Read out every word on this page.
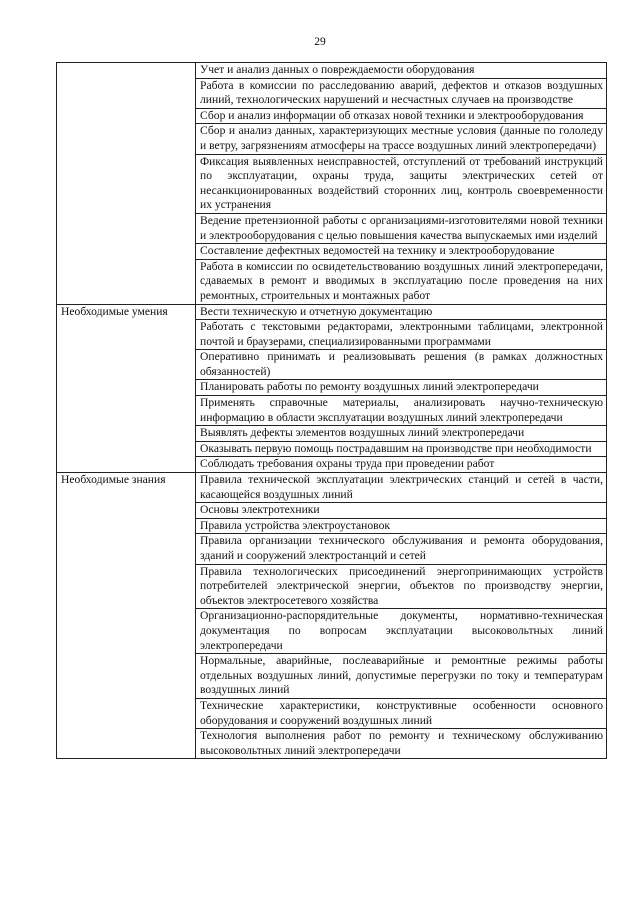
29
	Учет и анализ данных о повреждаемости оборудования
	Работа в комиссии по расследованию аварий, дефектов и отказов воздушных линий, технологических нарушений и несчастных случаев на производстве
	Сбор и анализ информации об отказах новой техники и электрооборудования
	Сбор и анализ данных, характеризующих местные условия (данные по гололеду и ветру, загрязнениям атмосферы на трассе воздушных линий электропередачи)
	Фиксация выявленных неисправностей, отступлений от требований инструкций по эксплуатации, охраны труда, защиты электрических сетей от несанкционированных воздействий сторонних лиц, контроль своевременности их устранения
	Ведение претензионной работы с организациями-изготовителями новой техники и электрооборудования с целью повышения качества выпускаемых ими изделий
	Составление дефектных ведомостей на технику и электрооборудование
	Работа в комиссии по освидетельствованию воздушных линий электропередачи, сдаваемых в ремонт и вводимых в эксплуатацию после проведения на них ремонтных, строительных и монтажных работ
Необходимые умения	Вести техническую и отчетную документацию
	Работать с текстовыми редакторами, электронными таблицами, электронной почтой и браузерами, специализированными программами
	Оперативно принимать и реализовывать решения (в рамках должностных обязанностей)
	Планировать работы по ремонту воздушных линий электропередачи
	Применять справочные материалы, анализировать научно-техническую информацию в области эксплуатации воздушных линий электропередачи
	Выявлять дефекты элементов воздушных линий электропередачи
	Оказывать первую помощь пострадавшим на производстве при необходимости
	Соблюдать требования охраны труда при проведении работ
Необходимые знания	Правила технической эксплуатации электрических станций и сетей в части, касающейся воздушных линий
	Основы электротехники
	Правила устройства электроустановок
	Правила организации технического обслуживания и ремонта оборудования, зданий и сооружений электростанций и сетей
	Правила технологических присоединений энергопринимающих устройств потребителей электрической энергии, объектов по производству энергии, объектов электросетевого хозяйства
	Организационно-распорядительные документы, нормативно-техническая документация по вопросам эксплуатации высоковольтных линий электропередачи
	Нормальные, аварийные, послеаварийные и ремонтные режимы работы отдельных воздушных линий, допустимые перегрузки по току и температурам воздушных линий
	Технические характеристики, конструктивные особенности основного оборудования и сооружений воздушных линий
	Технология выполнения работ по ремонту и техническому обслуживанию высоковольтных линий электропередачи
